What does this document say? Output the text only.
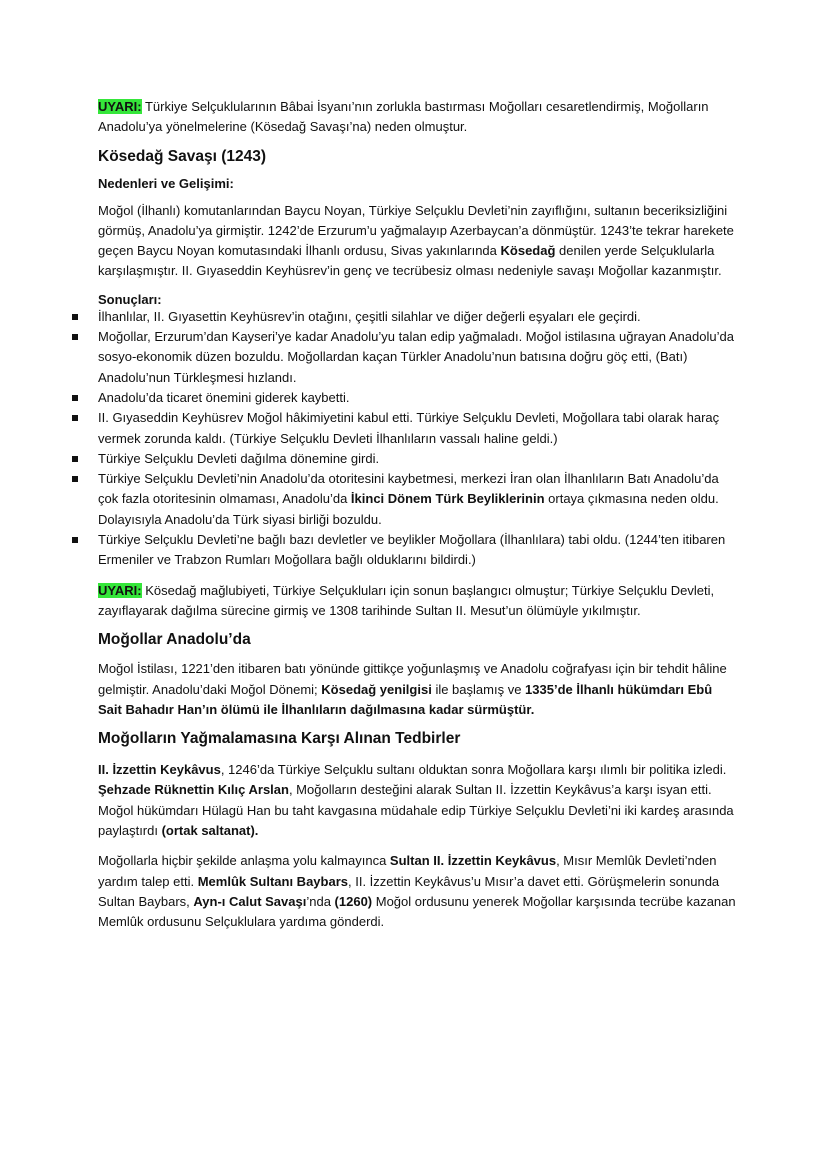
UYARI: Türkiye Selçuklularının Bâbai İsyanı’nın zorlukla bastırması Moğolları cesaretlendirmiş, Moğolların Anadolu’ya yönelmelerine (Kösedağ Savaşı’na) neden olmuştur.

Kösedağ Savaşı (1243)
Nedenleri ve Gelişimi:

Moğol (İlhanlı) komutanlarından Baycu Noyan, Türkiye Selçuklu Devleti’nin zayıflığını, sultanın beceriksizliğini görmüş, Anadolu’ya girmiştir. 1242’de Erzurum’u yağmalayıp Azerbaycan’a dönmüştür. 1243’te tekrar harekete geçen Baycu Noyan komutasındaki İlhanlı ordusu, Sivas yakınlarında Kösedağ denilen yerde Selçuklularla karşılaşmıştır. II. Gıyaseddin Keyhüsrev’in genç ve tecrübesiz olması nedeniyle savaşı Moğollar kazanmıştır.

Sonuçları:
İlhanlılar, II. Gıyasettin Keyhüsrev’in otağını, çeşitli silahlar ve diğer değerli eşyaları ele geçirdi.
Moğollar, Erzurum’dan Kayseri’ye kadar Anadolu’yu talan edip yağmaladı. Moğol istilasına uğrayan Anadolu’da sosyo-ekonomik düzen bozuldu. Moğollardan kaçan Türkler Anadolu’nun batısına doğru göç etti, (Batı) Anadolu’nun Türkleşmesi hızlandı.
Anadolu’da ticaret önemini giderek kaybetti.
II. Gıyaseddin Keyhüsrev Moğol hâkimiyetini kabul etti. Türkiye Selçuklu Devleti, Moğollara tabi olarak haraç vermek zorunda kaldı. (Türkiye Selçuklu Devleti İlhanlıların vassalı haline geldi.)
Türkiye Selçuklu Devleti dağılma dönemine girdi.
Türkiye Selçuklu Devleti’nin Anadolu’da otoritesini kaybetmesi, merkezi İran olan İlhanlıların Batı Anadolu’da çok fazla otoritesinin olmaması, Anadolu’da İkinci Dönem Türk Beyliklerinin ortaya çıkmasına neden oldu. Dolayısıyla Anadolu’da Türk siyasi birliği bozuldu.
Türkiye Selçuklu Devleti’ne bağlı bazı devletler ve beylikler Moğollara (İlhanlılara) tabi oldu. (1244’ten itibaren Ermeniler ve Trabzon Rumları Moğollara bağlı olduklarını bildirdi.)

UYARI: Kösedağ mağlubiyeti, Türkiye Selçukluları için sonun başlangıcı olmuştur; Türkiye Selçuklu Devleti, zayıflayarak dağılma sürecine girmiş ve 1308 tarihinde Sultan II. Mesut’un ölümüyle yıkılmıştır.

Moğollar Anadolu’da

Moğol İstilası, 1221’den itibaren batı yönünde gittikçe yoğunlaşmış ve Anadolu coğrafyası için bir tehdit hâline gelmiştir. Anadolu’daki Moğol Dönemi; Kösedağ yenilgisi ile başlamış ve 1335’de İlhanlı hükümdarı Ebû Sait Bahadır Han’ın ölümü ile İlhanlıların dağılmasına kadar sürmüştür.

Moğolların Yağmalamasına Karşı Alınan Tedbirler

II. İzzettin Keykâvus, 1246’da Türkiye Selçuklu sultanı olduktan sonra Moğollara karşı ılımlı bir politika izledi. Şehzade Rüknettin Kılıç Arslan, Moğolların desteğini alarak Sultan II. İzzettin Keykâvus’a karşı isyan etti. Moğol hükümdarı Hülagü Han bu taht kavgasına müdahale edip Türkiye Selçuklu Devleti’ni iki kardeş arasında paylaştırdı (ortak saltanat).

Moğollarla hiçbir şekilde anlaşma yolu kalmayınca Sultan II. İzzettin Keykâvus, Mısır Memlûk Devleti’nden yardım talep etti. Memlûk Sultanı Baybars, II. İzzettin Keykâvus’u Mısır’a davet etti. Görüşmelerin sonunda Sultan Baybars, Ayn-ı Calut Savaşı’nda (1260) Moğol ordusunu yenerek Moğollar karşısında tecrübe kazanan Memlûk ordusunu Selçuklulara yardıma gönderdi.
